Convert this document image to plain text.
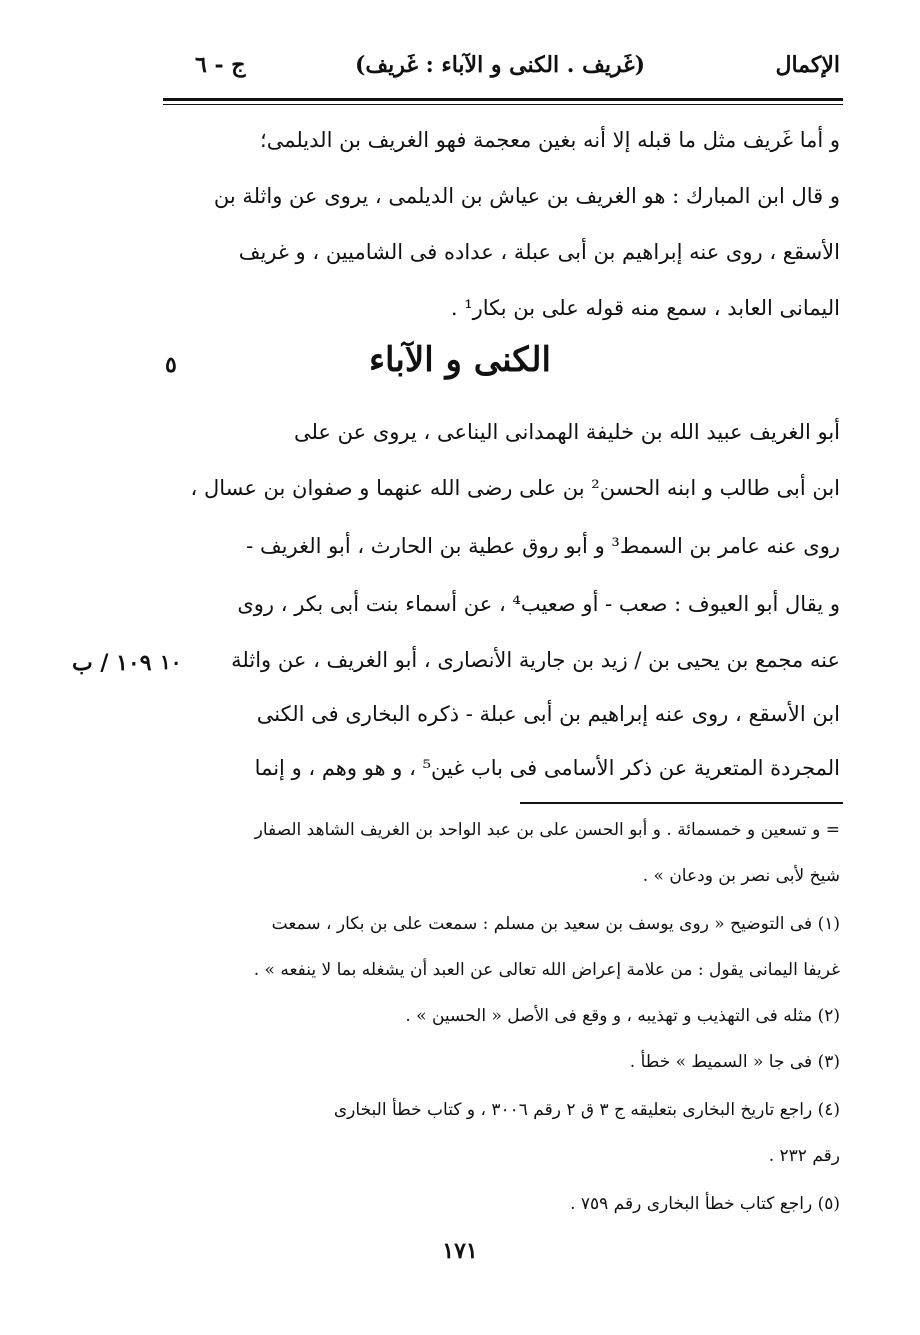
الإكمال
(غَريف . الكنى و الآباء : غَريف)
ج - ٦
و أما غَريف مثل ما قبله إلا أنه بغين معجمة فهو الغريف بن الديلمى؛
و قال ابن المبارك : هو الغريف بن عياش بن الديلمى ، يروى عن واثلة بن
الأسقع ، روى عنه إبراهيم بن أبى عبلة ، عداده فى الشاميين ، و غريف
اليمانى العابد ، سمع منه قوله على بن بكار¹ .
الكنى و الآباء
٥
أبو الغريف عبيد الله بن خليفة الهمدانى اليناعى ، يروى عن على
ابن أبى طالب و ابنه الحسن² بن على رضى الله عنهما و صفوان بن عسال ،
روى عنه عامر بن السمط³ و أبو روق عطية بن الحارث ، أبو الغريف -
و يقال أبو العيوف : صعب - أو صعيب⁴ ، عن أسماء بنت أبى بكر ، روى
عنه مجمع بن يحيى بن / زيد بن جارية الأنصارى ، أبو الغريف ، عن واثلة
ابن الأسقع ، روى عنه إبراهيم بن أبى عبلة - ذكره البخارى فى الكنى
المجردة المتعرية عن ذكر الأسامى فى باب غين⁵ ، و هو وهم ، و إنما
١٠
١٠٩ / ب
= و تسعين و خمسمائة . و أبو الحسن على بن عبد الواحد بن الغريف الشاهد الصفار
شيخ لأبى نصر بن ودعان » .
(١) فى التوضيح « روى يوسف بن سعيد بن مسلم : سمعت على بن بكار ، سمعت
غريفا اليمانى يقول : من علامة إعراض الله تعالى عن العبد أن يشغله بما لا ينفعه » .
(٢) مثله فى التهذيب و تهذيبه ، و وقع فى الأصل « الحسين » .
(٣) فى جا « السميط » خطأ .
(٤) راجع تاريخ البخارى بتعليقه ج ٣ ق ٢ رقم ٣٠٠٦ ، و كتاب خطأ البخارى
رقم ٢٣٢ .
(٥) راجع كتاب خطأ البخارى رقم ٧٥٩ .
١٧١
